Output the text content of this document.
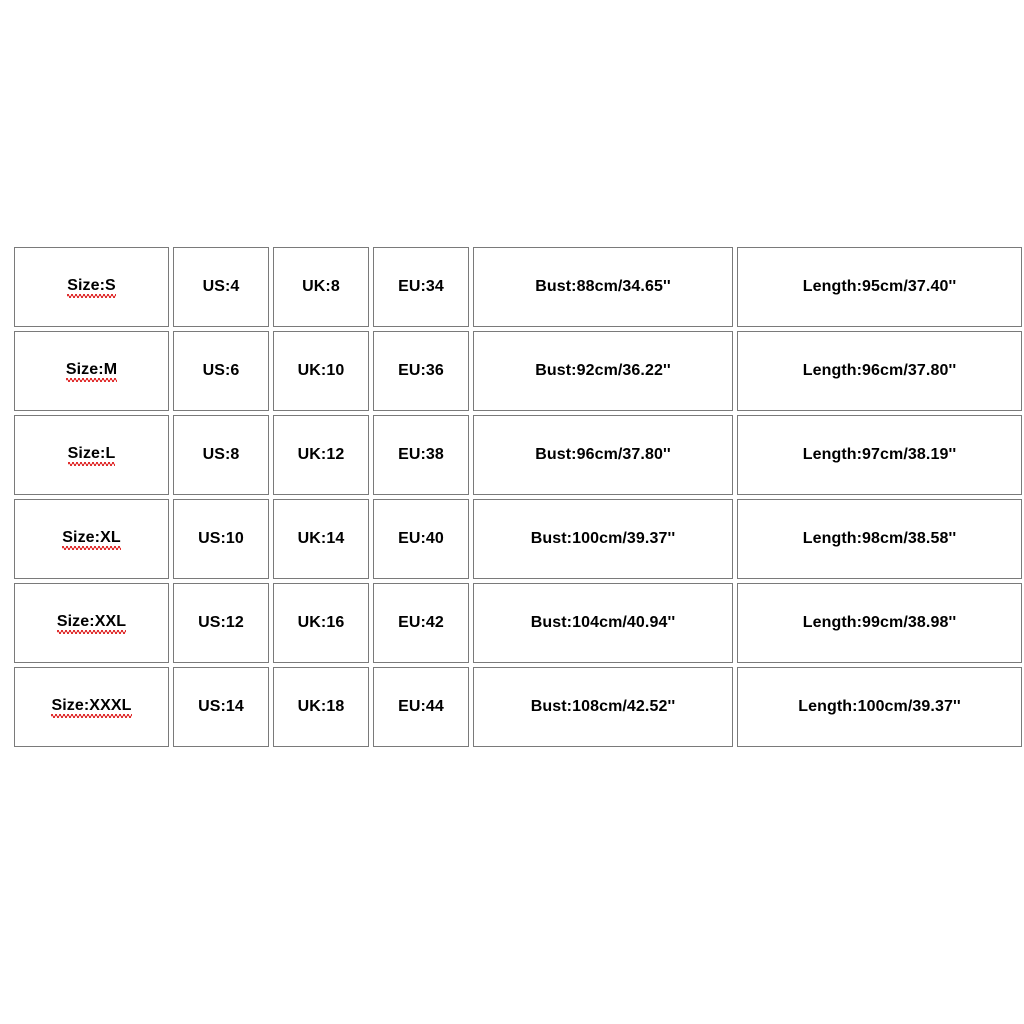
Size:S	US:4	UK:8	EU:34	Bust:88cm/34.65''	Length:95cm/37.40''
Size:M	US:6	UK:10	EU:36	Bust:92cm/36.22''	Length:96cm/37.80''
Size:L	US:8	UK:12	EU:38	Bust:96cm/37.80''	Length:97cm/38.19''
Size:XL	US:10	UK:14	EU:40	Bust:100cm/39.37''	Length:98cm/38.58''
Size:XXL	US:12	UK:16	EU:42	Bust:104cm/40.94''	Length:99cm/38.98''
Size:XXXL	US:14	UK:18	EU:44	Bust:108cm/42.52''	Length:100cm/39.37''
